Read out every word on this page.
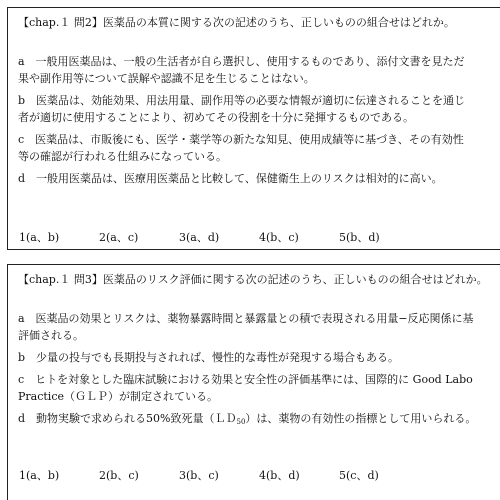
【chap.１ 問2】医薬品の本質に関する次の記述のうち、正しいものの組合せはどれか。
a　一般用医薬品は、一般の生活者が自ら選択し、使用するものであり、添付文書を見ただ
果や副作用等について誤解や認識不足を生じることはない。
b　医薬品は、効能効果、用法用量、副作用等の必要な情報が適切に伝達されることを通じ
者が適切に使用することにより、初めてその役割を十分に発揮するものである。
c　医薬品は、市販後にも、医学・薬学等の新たな知見、使用成績等に基づき、その有効性
等の確認が行われる仕組みになっている。
d　一般用医薬品は、医療用医薬品と比較して、保健衛生上のリスクは相対的に高い。
1(a、b)	2(a、c)	3(a、d)	4(b、c)	5(b、d)
【chap.１ 問3】医薬品のリスク評価に関する次の記述のうち、正しいものの組合せはどれか。
a　医薬品の効果とリスクは、薬物暴露時間と暴露量との積で表現される用量−反応関係に基
評価される。
b　少量の投与でも長期投与されれば、慢性的な毒性が発現する場合もある。
c　ヒトを対象とした臨床試験における効果と安全性の評価基準には、国際的に Good Labo
Practice（ＧＬＰ）が制定されている。
d　動物実験で求められる50%致死量（ＬＤ$_{50}$）は、薬物の有効性の指標として用いられる。
1(a、b)	2(b、c)	3(b、c)	4(b、d)	5(c、d)
